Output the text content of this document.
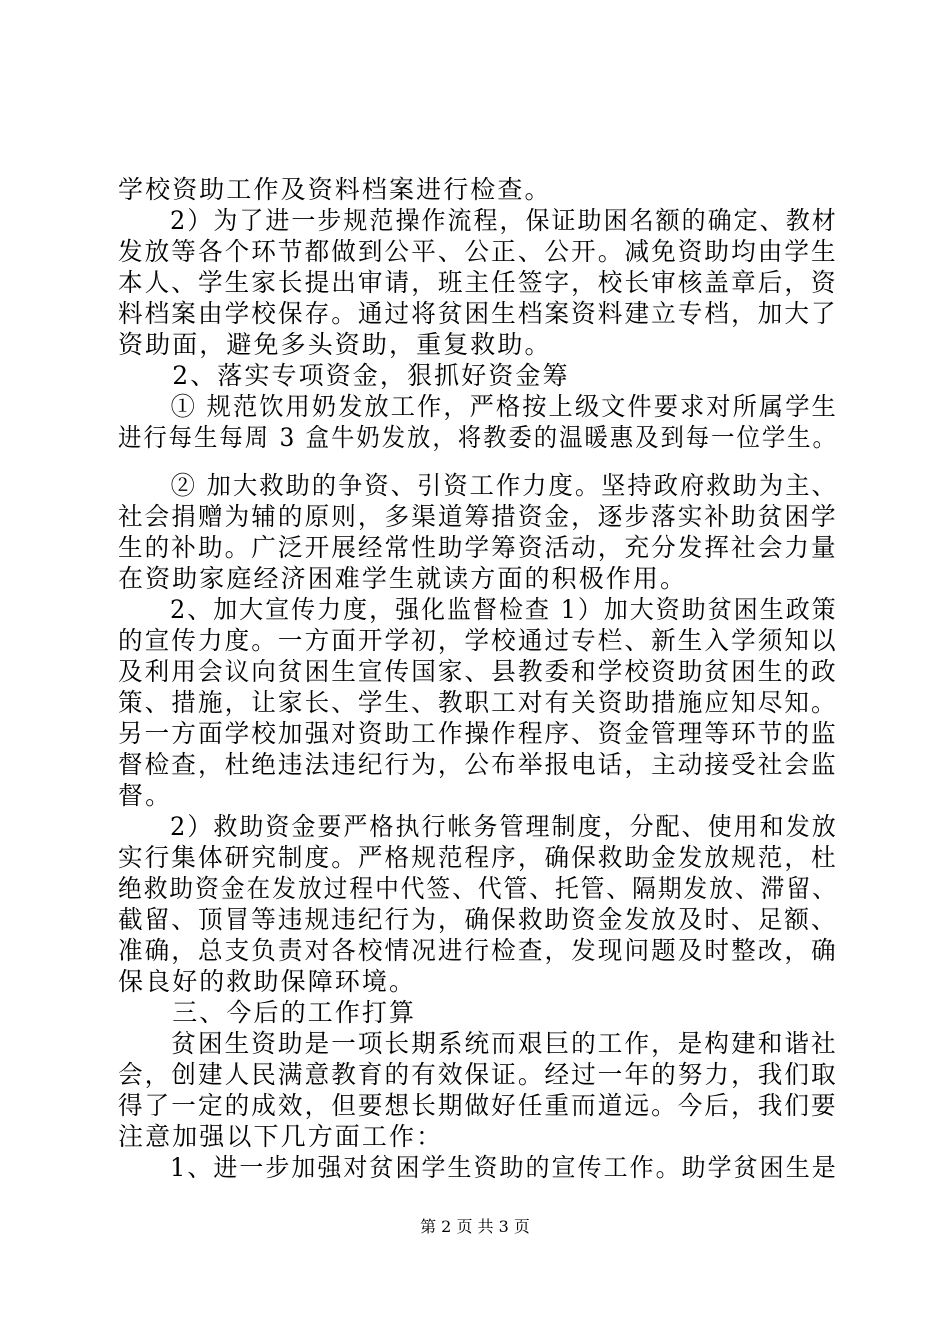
学校资助工作及资料档案进行检查。
　　2）为了进一步规范操作流程，保证助困名额的确定、教材
发放等各个环节都做到公平、公正、公开。减免资助均由学生
本人、学生家长提出审请，班主任签字，校长审核盖章后，资
料档案由学校保存。通过将贫困生档案资料建立专档，加大了
资助面，避免多头资助，重复救助。
　　2、落实专项资金，狠抓好资金筹
　　① 规范饮用奶发放工作，严格按上级文件要求对所属学生
进行每生每周 3 盒牛奶发放，将教委的温暖惠及到每一位学生。
　　② 加大救助的争资、引资工作力度。坚持政府救助为主、
社会捐赠为辅的原则，多渠道筹措资金，逐步落实补助贫困学
生的补助。广泛开展经常性助学筹资活动，充分发挥社会力量
在资助家庭经济困难学生就读方面的积极作用。
　　2、加大宣传力度，强化监督检查 1）加大资助贫困生政策
的宣传力度。一方面开学初，学校通过专栏、新生入学须知以
及利用会议向贫困生宣传国家、县教委和学校资助贫困生的政
策、措施，让家长、学生、教职工对有关资助措施应知尽知。
另一方面学校加强对资助工作操作程序、资金管理等环节的监
督检查，杜绝违法违纪行为，公布举报电话，主动接受社会监
督。
　　2）救助资金要严格执行帐务管理制度，分配、使用和发放
实行集体研究制度。严格规范程序，确保救助金发放规范，杜
绝救助资金在发放过程中代签、代管、托管、隔期发放、滞留、
截留、顶冒等违规违纪行为，确保救助资金发放及时、足额、
准确，总支负责对各校情况进行检查，发现问题及时整改，确
保良好的救助保障环境。
　　三、今后的工作打算
　　贫困生资助是一项长期系统而艰巨的工作，是构建和谐社
会，创建人民满意教育的有效保证。经过一年的努力，我们取
得了一定的成效，但要想长期做好任重而道远。今后，我们要
注意加强以下几方面工作：
　　1、进一步加强对贫困学生资助的宣传工作。助学贫困生是
第 2 页 共 3 页
